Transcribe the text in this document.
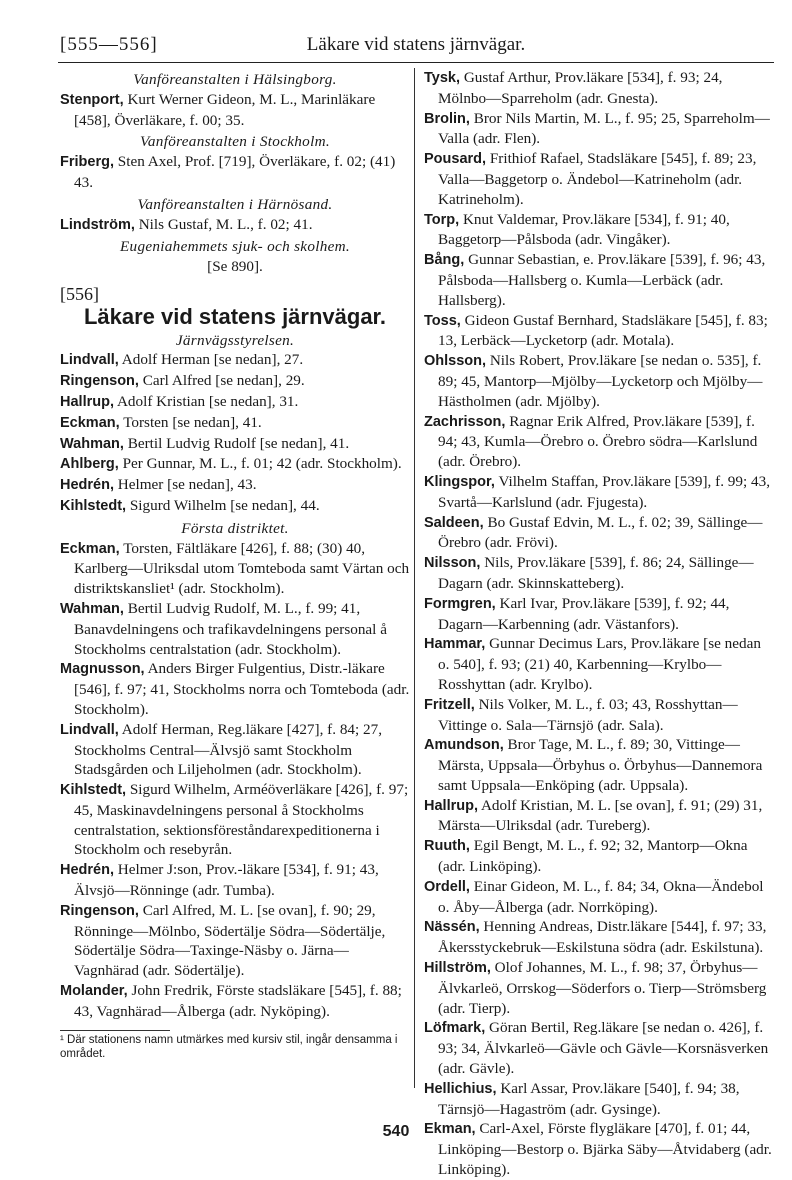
[555—556]	Läkare vid statens järnvägar.

Vanföreanstalten i Hälsingborg.

Stenport, Kurt Werner Gideon, M. L., Marinläkare [458], Överläkare, f. 00; 35.

Vanföreanstalten i Stockholm.

Friberg, Sten Axel, Prof. [719], Överläkare, f. 02; (41) 43.

Vanföreanstalten i Härnösand.

Lindström, Nils Gustaf, M. L., f. 02; 41.

Eugeniahemmets sjuk- och skolhem.

[Se 890].

[556]
Läkare vid statens järnvägar.

Järnvägsstyrelsen.

Lindvall, Adolf Herman [se nedan], 27.

Ringenson, Carl Alfred [se nedan], 29.

Hallrup, Adolf Kristian [se nedan], 31.

Eckman, Torsten [se nedan], 41.

Wahman, Bertil Ludvig Rudolf [se nedan], 41.

Ahlberg, Per Gunnar, M. L., f. 01; 42 (adr. Stockholm).

Hedrén, Helmer [se nedan], 43.

Kihlstedt, Sigurd Wilhelm [se nedan], 44.

Första distriktet.

Eckman, Torsten, Fältläkare [426], f. 88; (30) 40, Karlberg—Ulriksdal utom Tomteboda samt Värtan och distriktskansliet¹ (adr. Stockholm).

Wahman, Bertil Ludvig Rudolf, M. L., f. 99; 41, Banavdelningens och trafikavdelningens personal å Stockholms centralstation (adr. Stockholm).

Magnusson, Anders Birger Fulgentius, Distr.-läkare [546], f. 97; 41, Stockholms norra och Tomteboda (adr. Stockholm).

Lindvall, Adolf Herman, Reg.läkare [427], f. 84; 27, Stockholms Central—Älvsjö samt Stockholm Stadsgården och Liljeholmen (adr. Stockholm).

Kihlstedt, Sigurd Wilhelm, Arméöverläkare [426], f. 97; 45, Maskinavdelningens personal å Stockholms centralstation, sektionsföreståndarexpeditionerna i Stockholm och resebyrån.

Hedrén, Helmer J:son, Prov.-läkare [534], f. 91; 43, Älvsjö—Rönninge (adr. Tumba).

Ringenson, Carl Alfred, M. L. [se ovan], f. 90; 29, Rönninge—Mölnbo, Södertälje Södra—Södertälje, Södertälje Södra—Taxinge-Näsby o. Järna—Vagnhärad (adr. Södertälje).

Molander, John Fredrik, Förste stadsläkare [545], f. 88; 43, Vagnhärad—Ålberga (adr. Nyköping).

¹ Där stationens namn utmärkes med kursiv stil, ingår densamma i området.

Tysk, Gustaf Arthur, Prov.läkare [534], f. 93; 24, Mölnbo—Sparreholm (adr. Gnesta).

Brolin, Bror Nils Martin, M. L., f. 95; 25, Sparreholm—Valla (adr. Flen).

Pousard, Frithiof Rafael, Stadsläkare [545], f. 89; 23, Valla—Baggetorp o. Ändebol—Katrineholm (adr. Katrineholm).

Torp, Knut Valdemar, Prov.läkare [534], f. 91; 40, Baggetorp—Pålsboda (adr. Vingåker).

Bång, Gunnar Sebastian, e. Prov.läkare [539], f. 96; 43, Pålsboda—Hallsberg o. Kumla—Lerbäck (adr. Hallsberg).

Toss, Gideon Gustaf Bernhard, Stadsläkare [545], f. 83; 13, Lerbäck—Lycketorp (adr. Motala).

Ohlsson, Nils Robert, Prov.läkare [se nedan o. 535], f. 89; 45, Mantorp—Mjölby—Lycketorp och Mjölby—Hästholmen (adr. Mjölby).

Zachrisson, Ragnar Erik Alfred, Prov.läkare [539], f. 94; 43, Kumla—Örebro o. Örebro södra—Karlslund (adr. Örebro).

Klingspor, Vilhelm Staffan, Prov.läkare [539], f. 99; 43, Svartå—Karlslund (adr. Fjugesta).

Saldeen, Bo Gustaf Edvin, M. L., f. 02; 39, Sällinge—Örebro (adr. Frövi).

Nilsson, Nils, Prov.läkare [539], f. 86; 24, Sällinge—Dagarn (adr. Skinnskatteberg).

Formgren, Karl Ivar, Prov.läkare [539], f. 92; 44, Dagarn—Karbenning (adr. Västanfors).

Hammar, Gunnar Decimus Lars, Prov.läkare [se nedan o. 540], f. 93; (21) 40, Karbenning—Krylbo—Rosshyttan (adr. Krylbo).

Fritzell, Nils Volker, M. L., f. 03; 43, Rosshyttan—Vittinge o. Sala—Tärnsjö (adr. Sala).

Amundson, Bror Tage, M. L., f. 89; 30, Vittinge—Märsta, Uppsala—Örbyhus o. Örbyhus—Dannemora samt Uppsala—Enköping (adr. Uppsala).

Hallrup, Adolf Kristian, M. L. [se ovan], f. 91; (29) 31, Märsta—Ulriksdal (adr. Tureberg).

Ruuth, Egil Bengt, M. L., f. 92; 32, Mantorp—Okna (adr. Linköping).

Ordell, Einar Gideon, M. L., f. 84; 34, Okna—Ändebol o. Åby—Ålberga (adr. Norrköping).

Nässén, Henning Andreas, Distr.läkare [544], f. 97; 33, Åkersstyckebruk—Eskilstuna södra (adr. Eskilstuna).

Hillström, Olof Johannes, M. L., f. 98; 37, Örbyhus—Älvkarleö, Orrskog—Söderfors o. Tierp—Strömsberg (adr. Tierp).

Löfmark, Göran Bertil, Reg.läkare [se nedan o. 426], f. 93; 34, Älvkarleö—Gävle och Gävle—Korsnäsverken (adr. Gävle).

Hellichius, Karl Assar, Prov.läkare [540], f. 94; 38, Tärnsjö—Hagaström (adr. Gysinge).

Ekman, Carl-Axel, Förste flygläkare [470], f. 01; 44, Linköping—Bestorp o. Bjärka Säby—Åtvidaberg (adr. Linköping).

540
